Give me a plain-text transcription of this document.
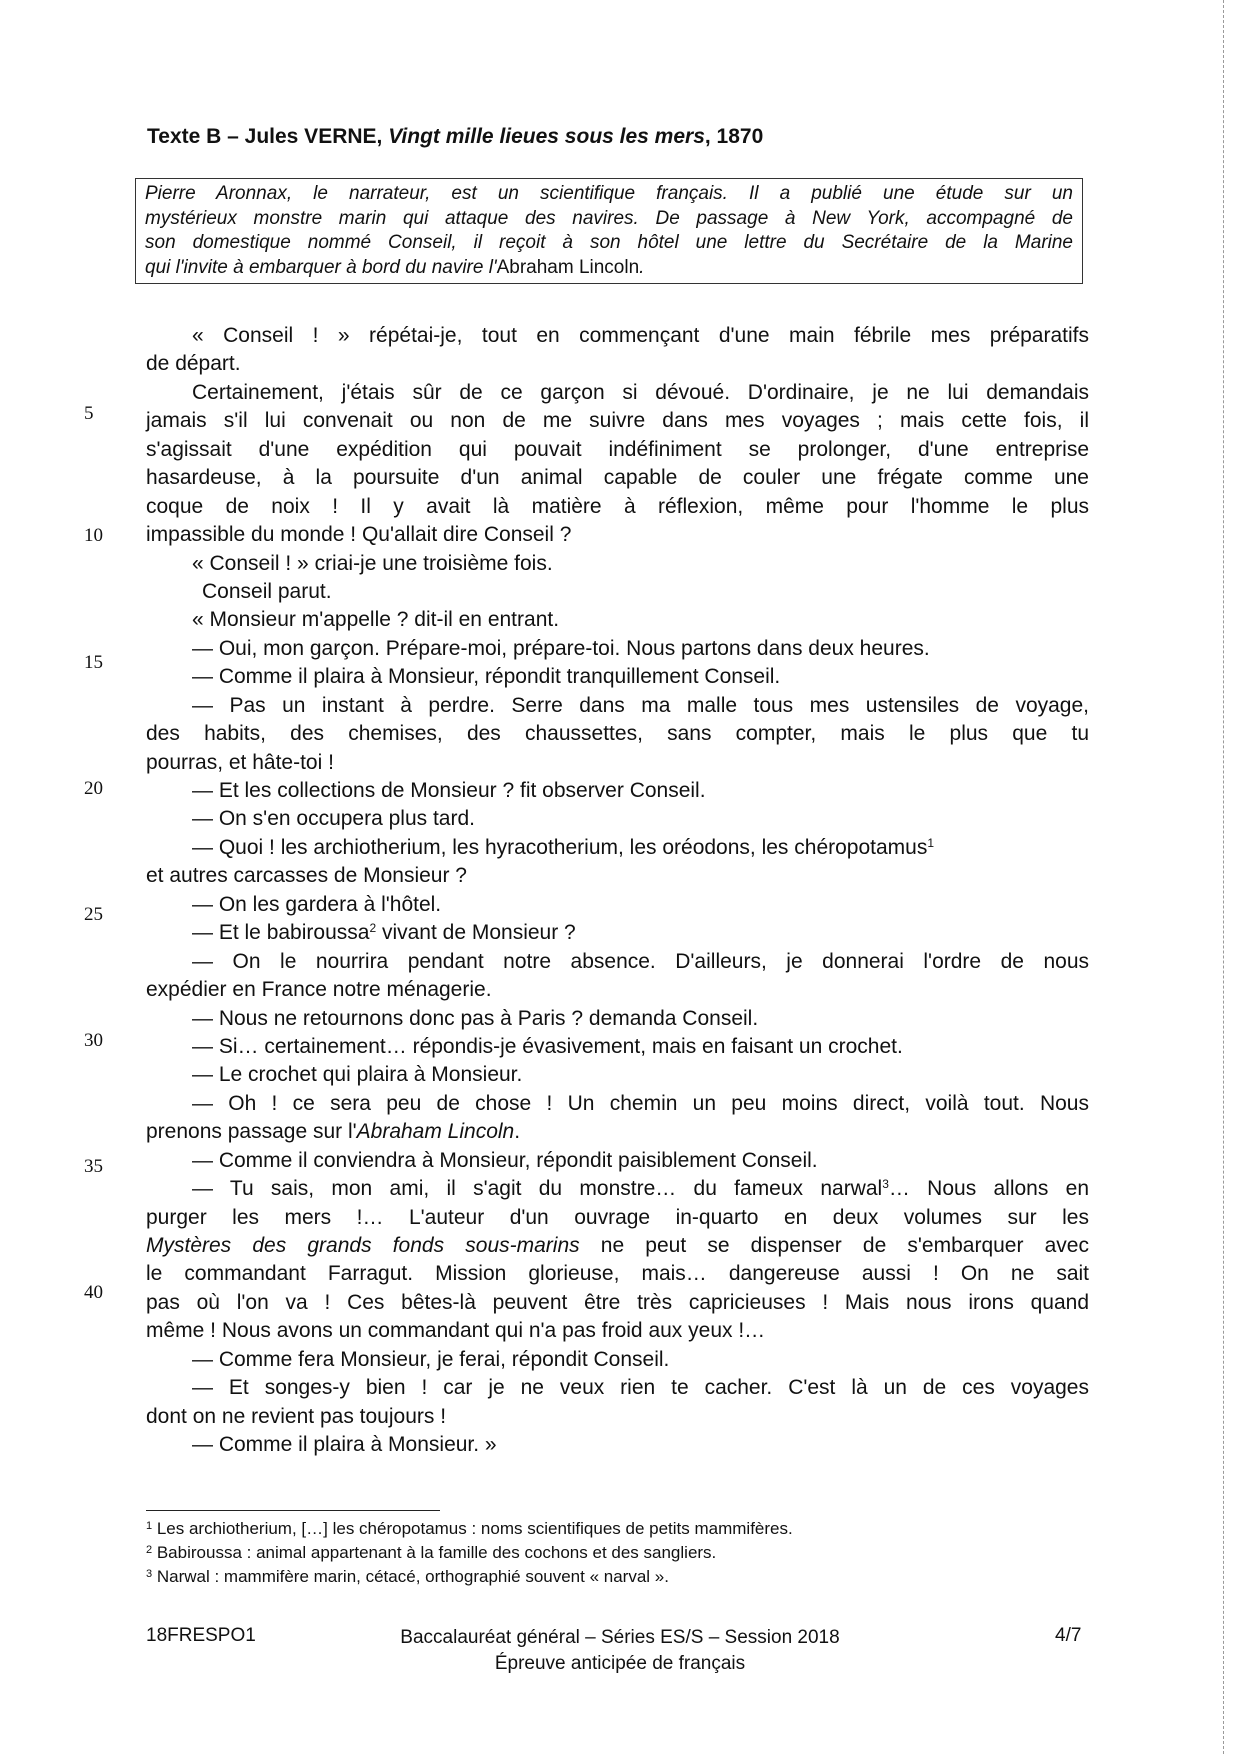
Texte B – Jules VERNE, Vingt mille lieues sous les mers, 1870
Pierre Aronnax, le narrateur, est un scientifique français. Il a publié une étude sur un
mystérieux monstre marin qui attaque des navires. De passage à New York, accompagné de
son domestique nommé Conseil, il reçoit à son hôtel une lettre du Secrétaire de la Marine
qui l'invite à embarquer à bord du navire l'Abraham Lincoln.
5
10
15
20
25
30
35
40
« Conseil ! » répétai-je, tout en commençant d'une main fébrile mes préparatifs
de départ.
Certainement, j'étais sûr de ce garçon si dévoué. D'ordinaire, je ne lui demandais
jamais s'il lui convenait ou non de me suivre dans mes voyages ; mais cette fois, il
s'agissait d'une expédition qui pouvait indéfiniment se prolonger, d'une entreprise
hasardeuse, à la poursuite d'un animal capable de couler une frégate comme une
coque de noix ! Il y avait là matière à réflexion, même pour l'homme le plus
impassible du monde ! Qu'allait dire Conseil ?
« Conseil ! » criai-je une troisième fois.
Conseil parut.
« Monsieur m'appelle ? dit-il en entrant.
— Oui, mon garçon. Prépare-moi, prépare-toi. Nous partons dans deux heures.
— Comme il plaira à Monsieur, répondit tranquillement Conseil.
— Pas un instant à perdre. Serre dans ma malle tous mes ustensiles de voyage,
des habits, des chemises, des chaussettes, sans compter, mais le plus que tu
pourras, et hâte-toi !
— Et les collections de Monsieur ? fit observer Conseil.
— On s'en occupera plus tard.
— Quoi ! les archiotherium, les hyracotherium, les oréodons, les chéropotamus$^1$
et autres carcasses de Monsieur ?
— On les gardera à l'hôtel.
— Et le babiroussa$^2$ vivant de Monsieur ?
— On le nourrira pendant notre absence. D'ailleurs, je donnerai l'ordre de nous
expédier en France notre ménagerie.
— Nous ne retournons donc pas à Paris ? demanda Conseil.
— Si… certainement… répondis-je évasivement, mais en faisant un crochet.
— Le crochet qui plaira à Monsieur.
— Oh ! ce sera peu de chose ! Un chemin un peu moins direct, voilà tout. Nous
prenons passage sur l'Abraham Lincoln.
— Comme il conviendra à Monsieur, répondit paisiblement Conseil.
— Tu sais, mon ami, il s'agit du monstre… du fameux narwal$^3$… Nous allons en
purger les mers !… L'auteur d'un ouvrage in-quarto en deux volumes sur les
Mystères des grands fonds sous-marins ne peut se dispenser de s'embarquer avec
le commandant Farragut. Mission glorieuse, mais… dangereuse aussi ! On ne sait
pas où l'on va ! Ces bêtes-là peuvent être très capricieuses ! Mais nous irons quand
même ! Nous avons un commandant qui n'a pas froid aux yeux !…
— Comme fera Monsieur, je ferai, répondit Conseil.
— Et songes-y bien ! car je ne veux rien te cacher. C'est là un de ces voyages
dont on ne revient pas toujours !
— Comme il plaira à Monsieur. »
$^1$ Les archiotherium, […] les chéropotamus : noms scientifiques de petits mammifères.
$^2$ Babiroussa : animal appartenant à la famille des cochons et des sangliers.
$^3$ Narwal : mammifère marin, cétacé, orthographié souvent « narval ».
18FRESPO1	Baccalauréat général – Séries ES/S – Session 2018
Épreuve anticipée de français
4/7
